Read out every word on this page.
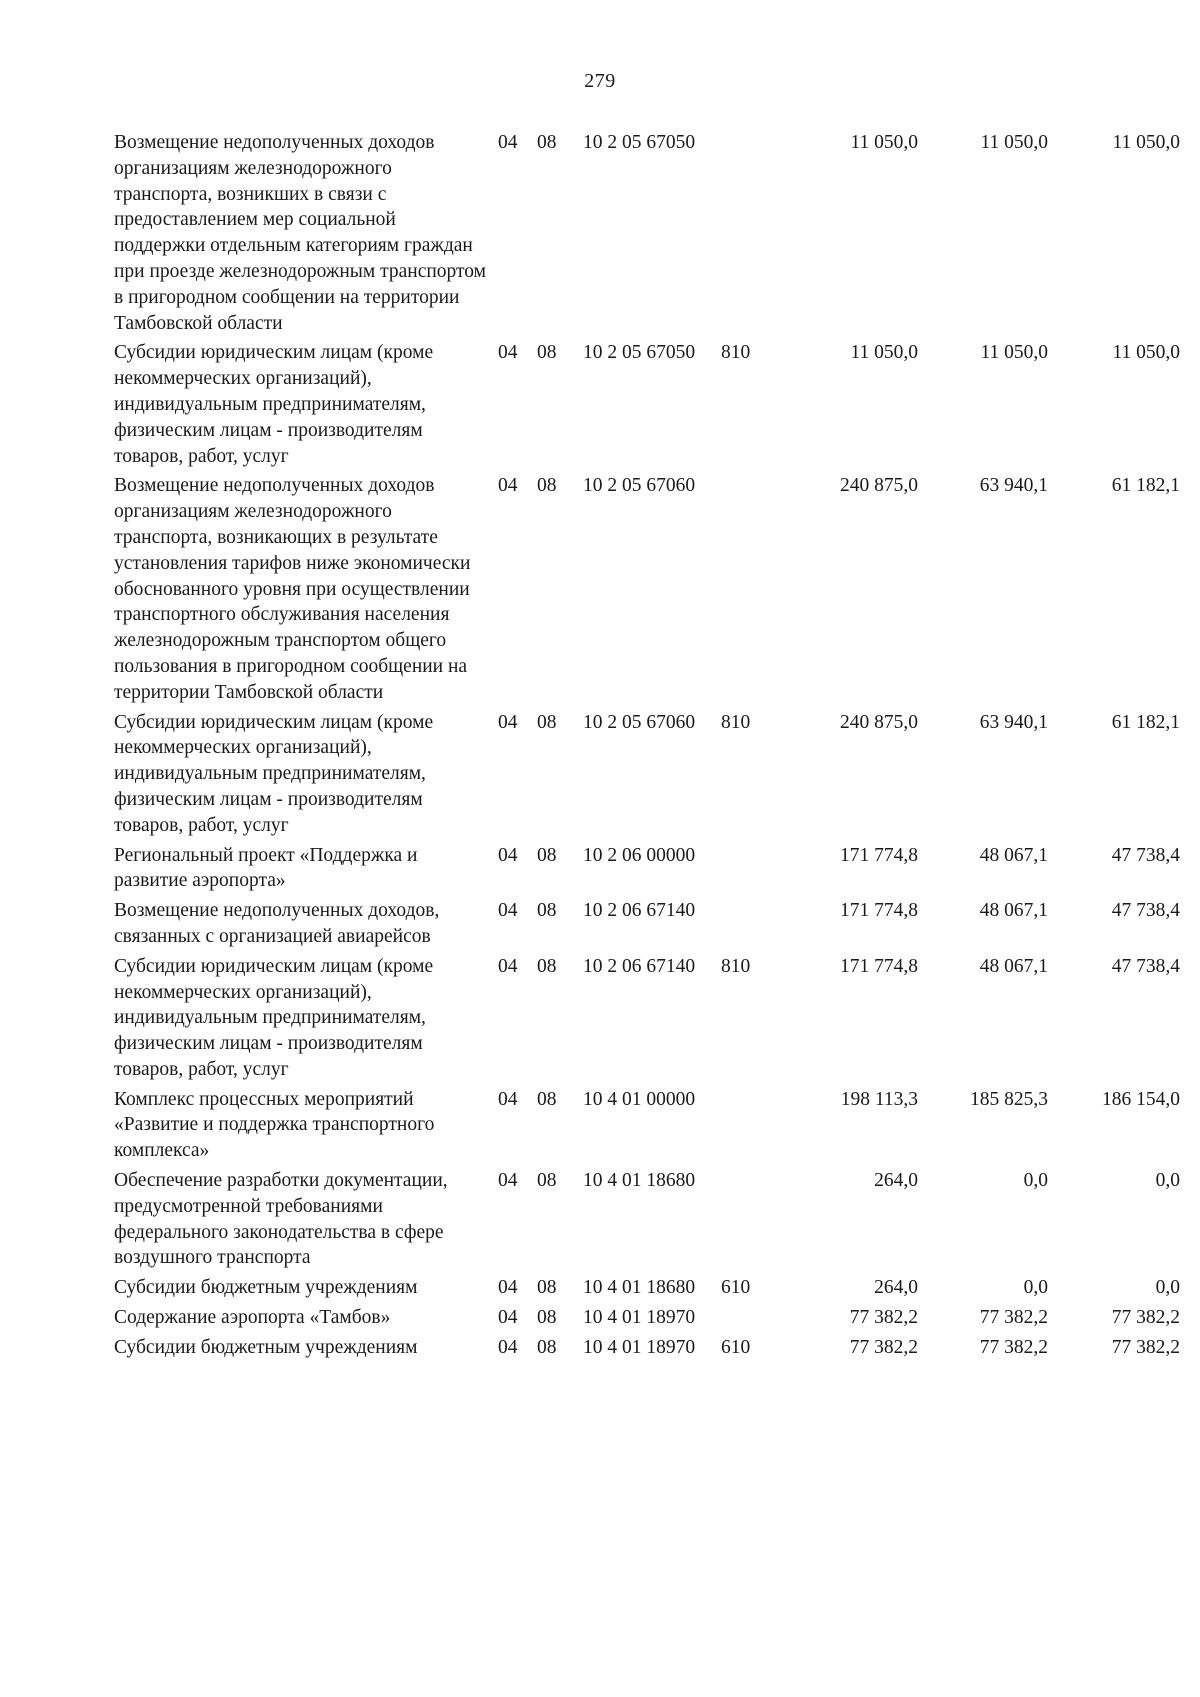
279
Возмещение недополученных доходов организациям железнодорожного транспорта, возникших в связи с предоставлением мер социальной поддержки отдельным категориям граждан при проезде железнодорожным транспортом в пригородном сообщении на территории Тамбовской области
04	08	10 2 05 67050	11 050,0	11 050,0	11 050,0
Субсидии юридическим лицам (кроме некоммерческих организаций), индивидуальным предпринимателям, физическим лицам - производителям товаров, работ, услуг
04	08	10 2 05 67050	810	11 050,0	11 050,0	11 050,0
Возмещение недополученных доходов организациям железнодорожного транспорта, возникающих в результате установления тарифов ниже экономически обоснованного уровня при осуществлении транспортного обслуживания населения железнодорожным транспортом общего пользования в пригородном сообщении на территории Тамбовской области
04	08	10 2 05 67060	240 875,0	63 940,1	61 182,1
Субсидии юридическим лицам (кроме некоммерческих организаций), индивидуальным предпринимателям, физическим лицам - производителям товаров, работ, услуг
04	08	10 2 05 67060	810	240 875,0	63 940,1	61 182,1
Региональный проект «Поддержка и развитие аэропорта»
04	08	10 2 06 00000	171 774,8	48 067,1	47 738,4
Возмещение недополученных доходов, связанных с организацией авиарейсов
04	08	10 2 06 67140	171 774,8	48 067,1	47 738,4
Субсидии юридическим лицам (кроме некоммерческих организаций), индивидуальным предпринимателям, физическим лицам - производителям товаров, работ, услуг
04	08	10 2 06 67140	810	171 774,8	48 067,1	47 738,4
Комплекс процессных мероприятий «Развитие и поддержка транспортного комплекса»
04	08	10 4 01 00000	198 113,3	185 825,3	186 154,0
Обеспечение разработки документации, предусмотренной требованиями федерального законодательства в сфере воздушного транспорта
04	08	10 4 01 18680	264,0	0,0	0,0
Субсидии бюджетным учреждениям	04	08	10 4 01 18680	610	264,0	0,0	0,0
Содержание аэропорта «Тамбов»	04	08	10 4 01 18970	77 382,2	77 382,2	77 382,2
Субсидии бюджетным учреждениям	04	08	10 4 01 18970	610	77 382,2	77 382,2	77 382,2
